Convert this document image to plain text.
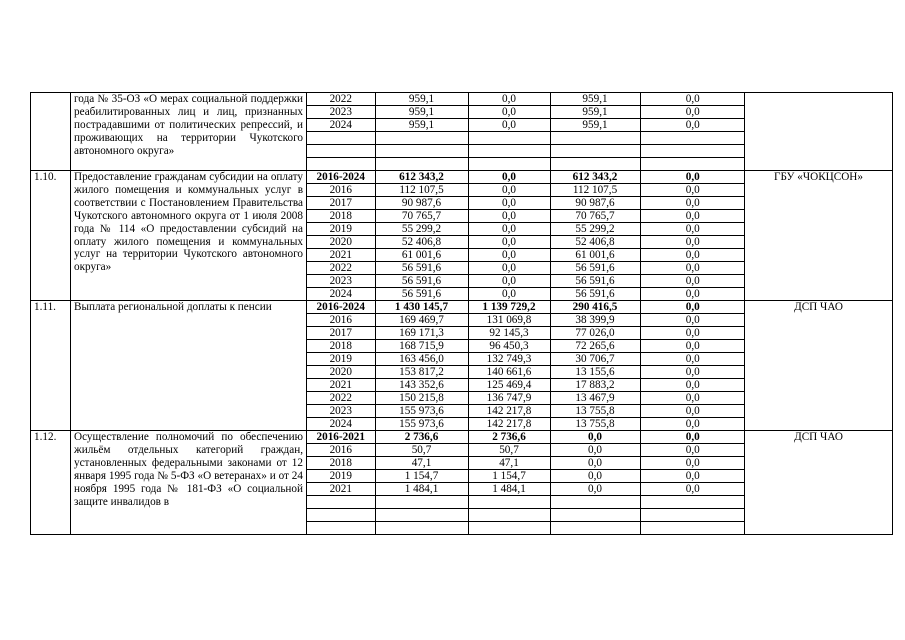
	года № 35-ОЗ «О мерах социальной поддержки реабилитированных лиц и лиц, признанных пострадавшими от политических репрессий, и проживающих на территории Чукотского автономного округа»	
2022	959,1	0,0	959,1	0,0
2023	959,1	0,0	959,1	0,0
2024	959,1	0,0	959,1	0,0

1.10.	Предоставление гражданам субсидии на оплату жилого помещения и коммунальных услуг в соответствии с Постановлением Правительства Чукотского автономного округа от 1 июля 2008 года № 114 «О предоставлении субсидий на оплату жилого помещения и коммунальных услуг на территории Чукотского автономного округа»	
2016-2024	612 343,2	0,0	612 343,2	0,0
2016	112 107,5	0,0	112 107,5	0,0
2017	90 987,6	0,0	90 987,6	0,0
2018	70 765,7	0,0	70 765,7	0,0
2019	55 299,2	0,0	55 299,2	0,0
2020	52 406,8	0,0	52 406,8	0,0
2021	61 001,6	0,0	61 001,6	0,0
2022	56 591,6	0,0	56 591,6	0,0
2023	56 591,6	0,0	56 591,6	0,0
2024	56 591,6	0,0	56 591,6	0,0
	ГБУ «ЧОКЦСОН»
1.11.	Выплата региональной доплаты к пенсии		2016-2024	1 430 145,7	1 139 729,2	290 416,5	0,0
2016	169 469,7	131 069,8	38 399,9	0,0
2017	169 171,3	92 145,3	77 026,0	0,0
2018	168 715,9	96 450,3	72 265,6	0,0
2019	163 456,0	132 749,3	30 706,7	0,0
2020	153 817,2	140 661,6	13 155,6	0,0
2021	143 352,6	125 469,4	17 883,2	0,0
2022	150 215,8	136 747,9	13 467,9	0,0
2023	155 973,6	142 217,8	13 755,8	0,0
2024	155 973,6	142 217,8	13 755,8	0,0
	ДСП ЧАО
1.12.	Осуществление полномочий по обеспечению жильём отдельных категорий граждан, установленных федеральными законами от 12 января 1995 года № 5-ФЗ «О ветеранах» и от 24 ноября 1995 года № 181-ФЗ «О социальной защите инвалидов в	
2016-2021	2 736,6	2 736,6	0,0	0,0
2016	50,7	50,7	0,0	0,0
2018	47,1	47,1	0,0	0,0
2019	1 154,7	1 154,7	0,0	0,0
2021	1 484,1	1 484,1	0,0	0,0

	ДСП ЧАО
